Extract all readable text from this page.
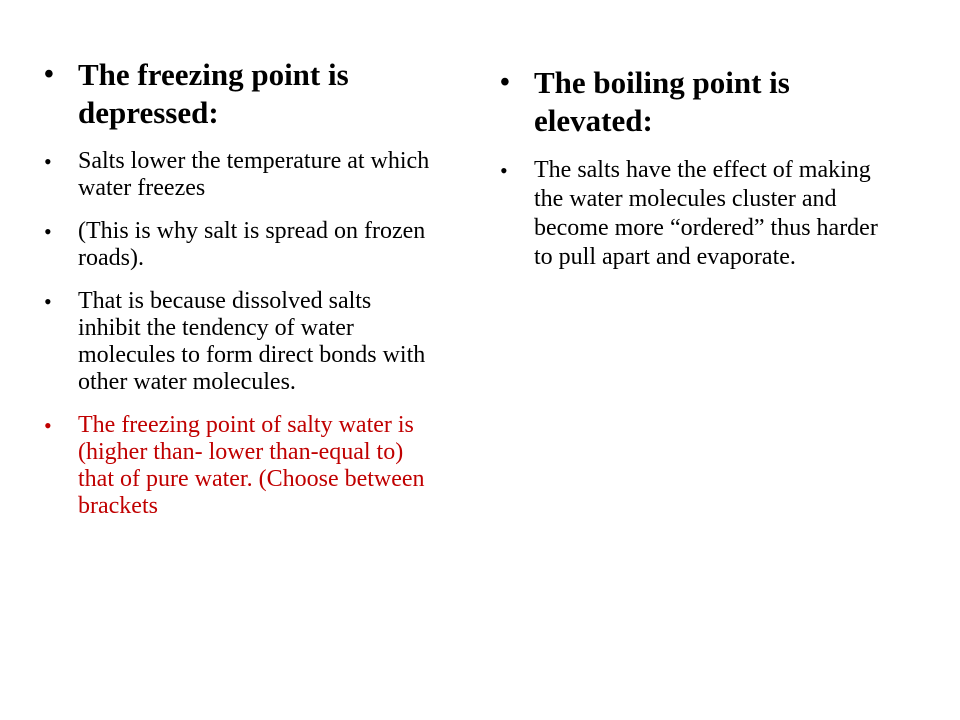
• The freezing point is depressed:
•	Salts lower the temperature at which water freezes
•	(This is why salt is spread on frozen roads).
•	That is because dissolved salts inhibit the tendency of water molecules to form direct bonds with other water molecules.
•	The freezing point of salty water is (higher than- lower than-equal to) that of pure water. (Choose between brackets
• The boiling point is elevated:
•	The salts have the effect of making the water molecules cluster and become more “ordered” thus harder to pull apart and evaporate.
